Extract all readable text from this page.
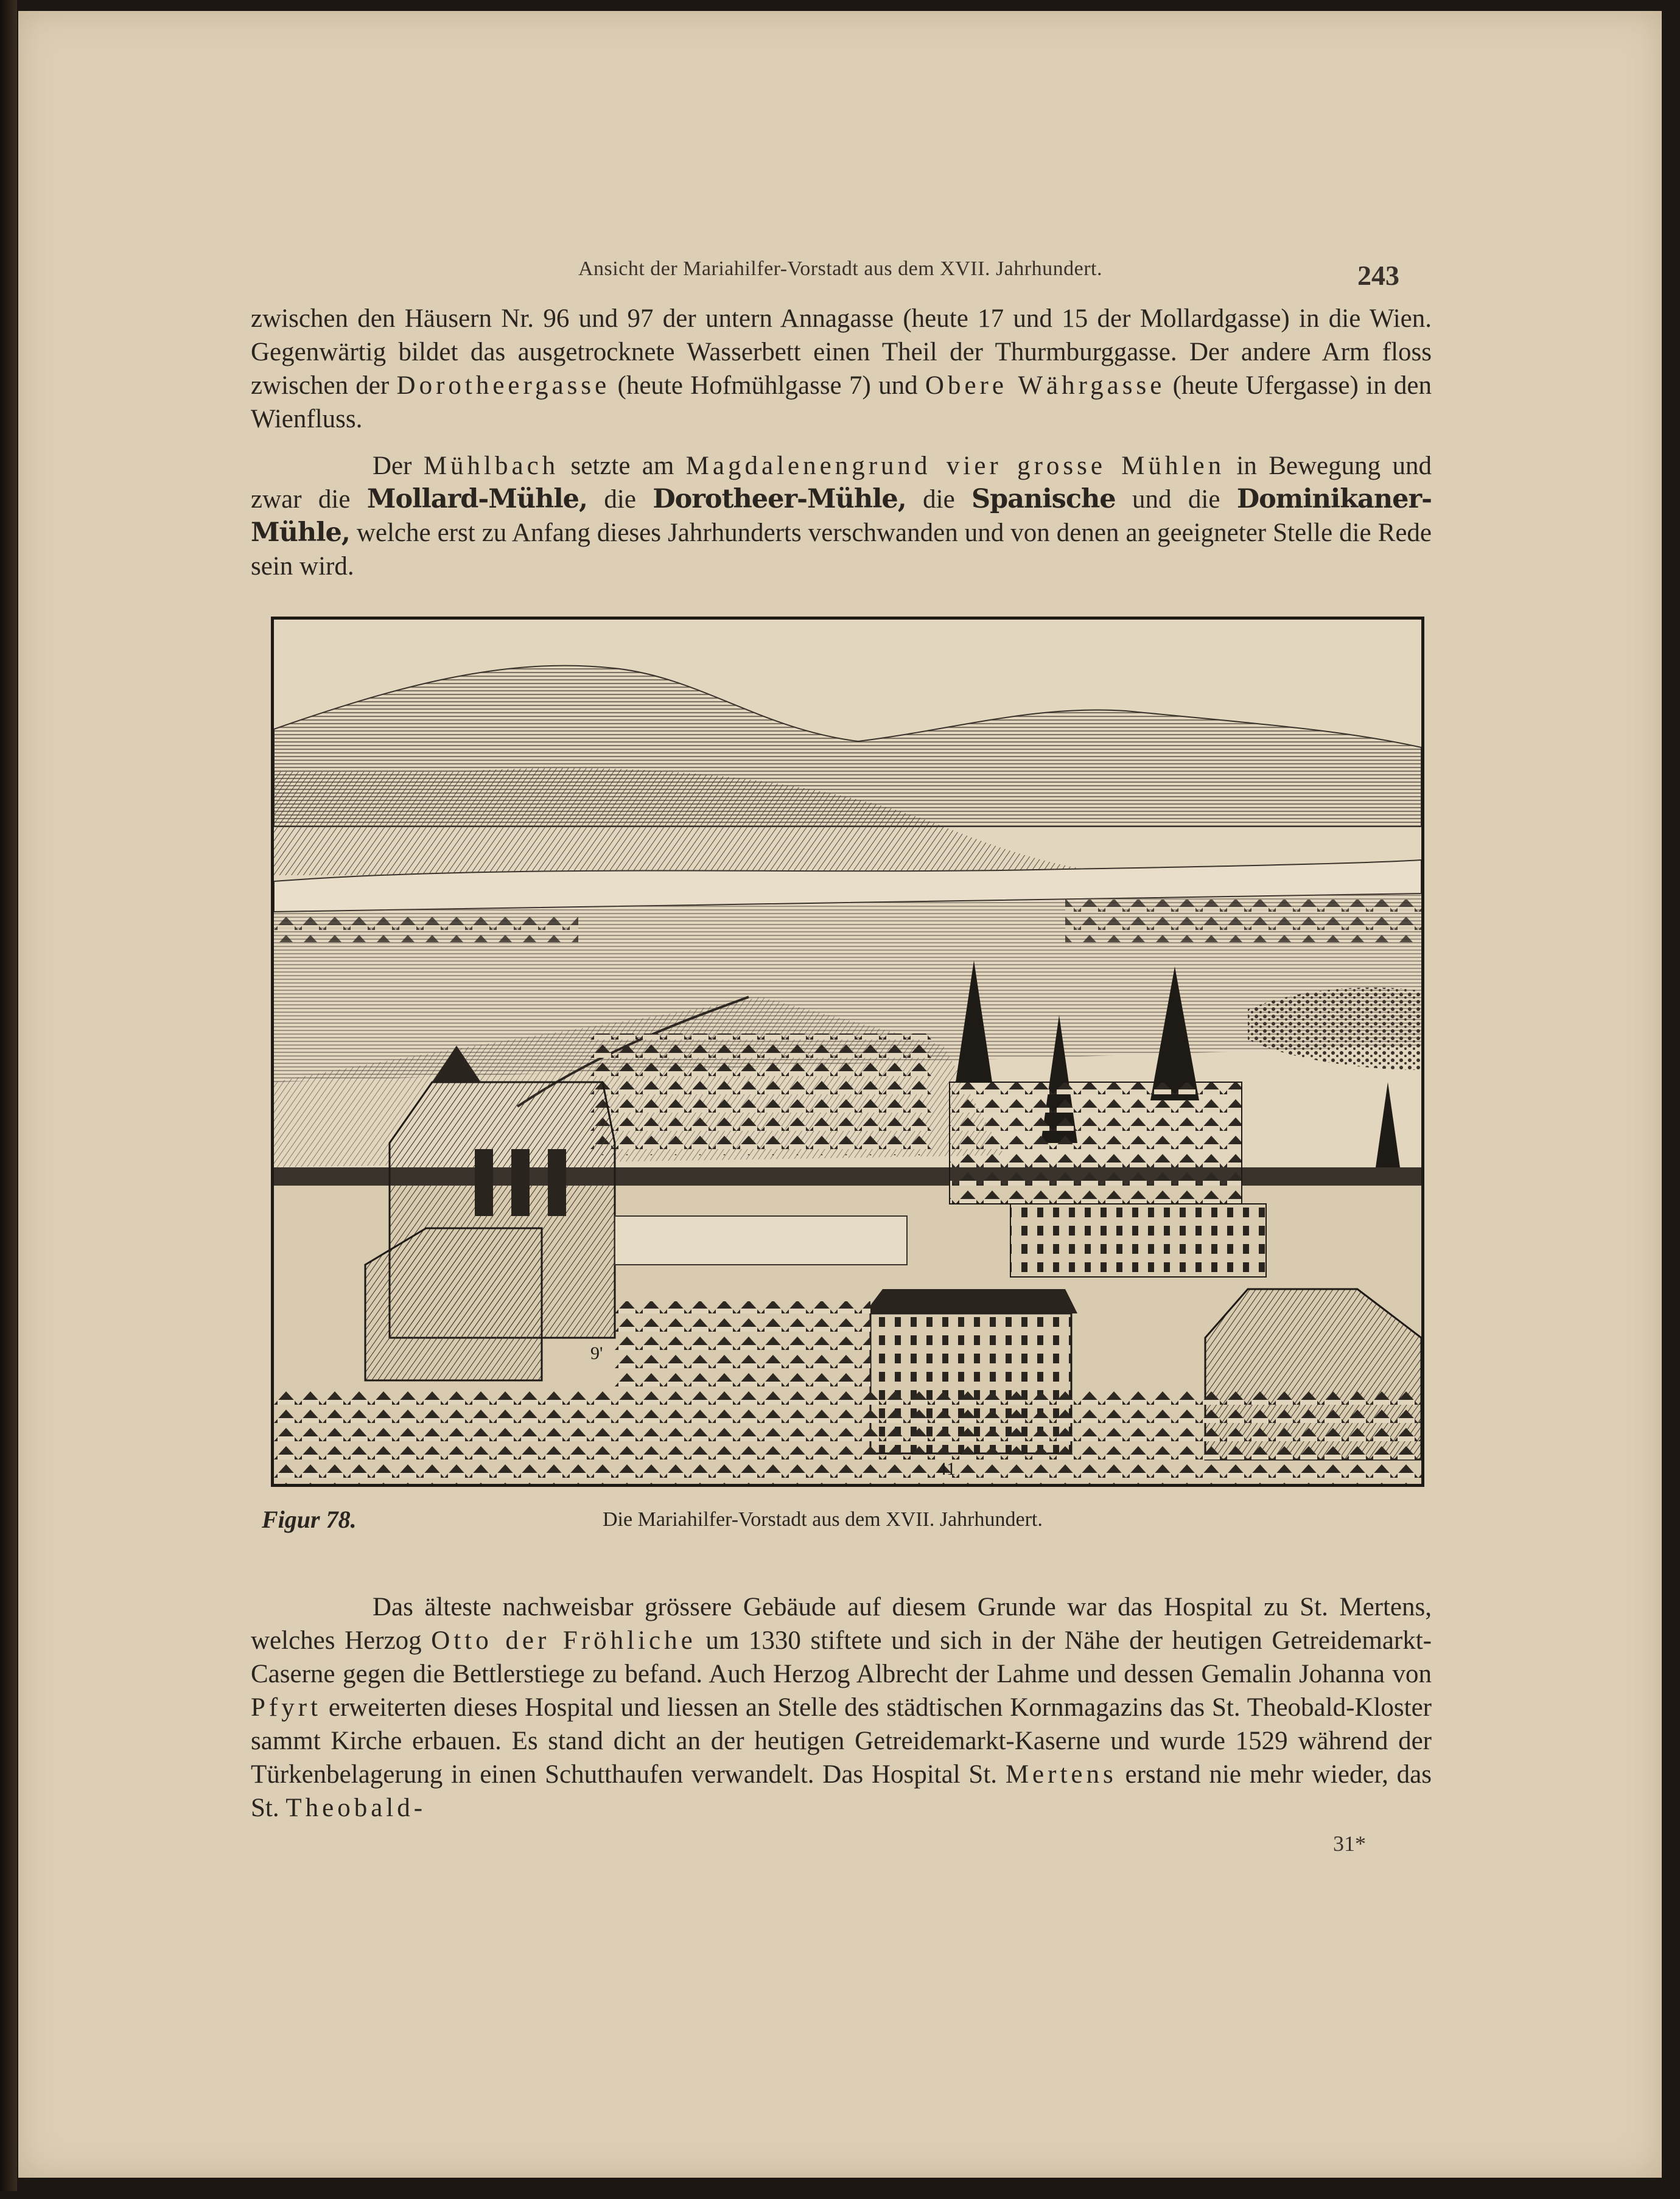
Ansicht der Mariahilfer-Vorstadt aus dem XVII. Jahrhundert.	243

zwischen den Häusern Nr. 96 und 97 der untern Annagasse (heute 17 und 15 der Mollardgasse) in die Wien. Gegenwärtig bildet das ausgetrocknete Wasserbett einen Theil der Thurmburggasse. Der andere Arm floss zwischen der Dorotheergasse (heute Hofmühlgasse 7) und Obere Währgasse (heute Ufergasse) in den Wienfluss.

Der Mühlbach setzte am Magdalenengrund vier grosse Mühlen in Bewegung und zwar die Mollard-Mühle, die Dorotheer-Mühle, die Spanische und die Dominikaner-Mühle, welche erst zu Anfang dieses Jahrhunderts verschwanden und von denen an geeigneter Stelle die Rede sein wird.

9'
41
Figur 78.	Die Mariahilfer-Vorstadt aus dem XVII. Jahrhundert.

Das älteste nachweisbar grössere Gebäude auf diesem Grunde war das Hospital zu St. Mertens, welches Herzog Otto der Fröhliche um 1330 stiftete und sich in der Nähe der heutigen Getreidemarkt-Caserne gegen die Bettlerstiege zu befand. Auch Herzog Albrecht der Lahme und dessen Gemalin Johanna von Pfyrt erweiterten dieses Hospital und liessen an Stelle des städtischen Kornmagazins das St. Theobald-Kloster sammt Kirche erbauen. Es stand dicht an der heutigen Getreidemarkt-Kaserne und wurde 1529 während der Türkenbelagerung in einen Schutthaufen verwandelt. Das Hospital St. Mertens erstand nie mehr wieder, das St. Theobald-

31*
